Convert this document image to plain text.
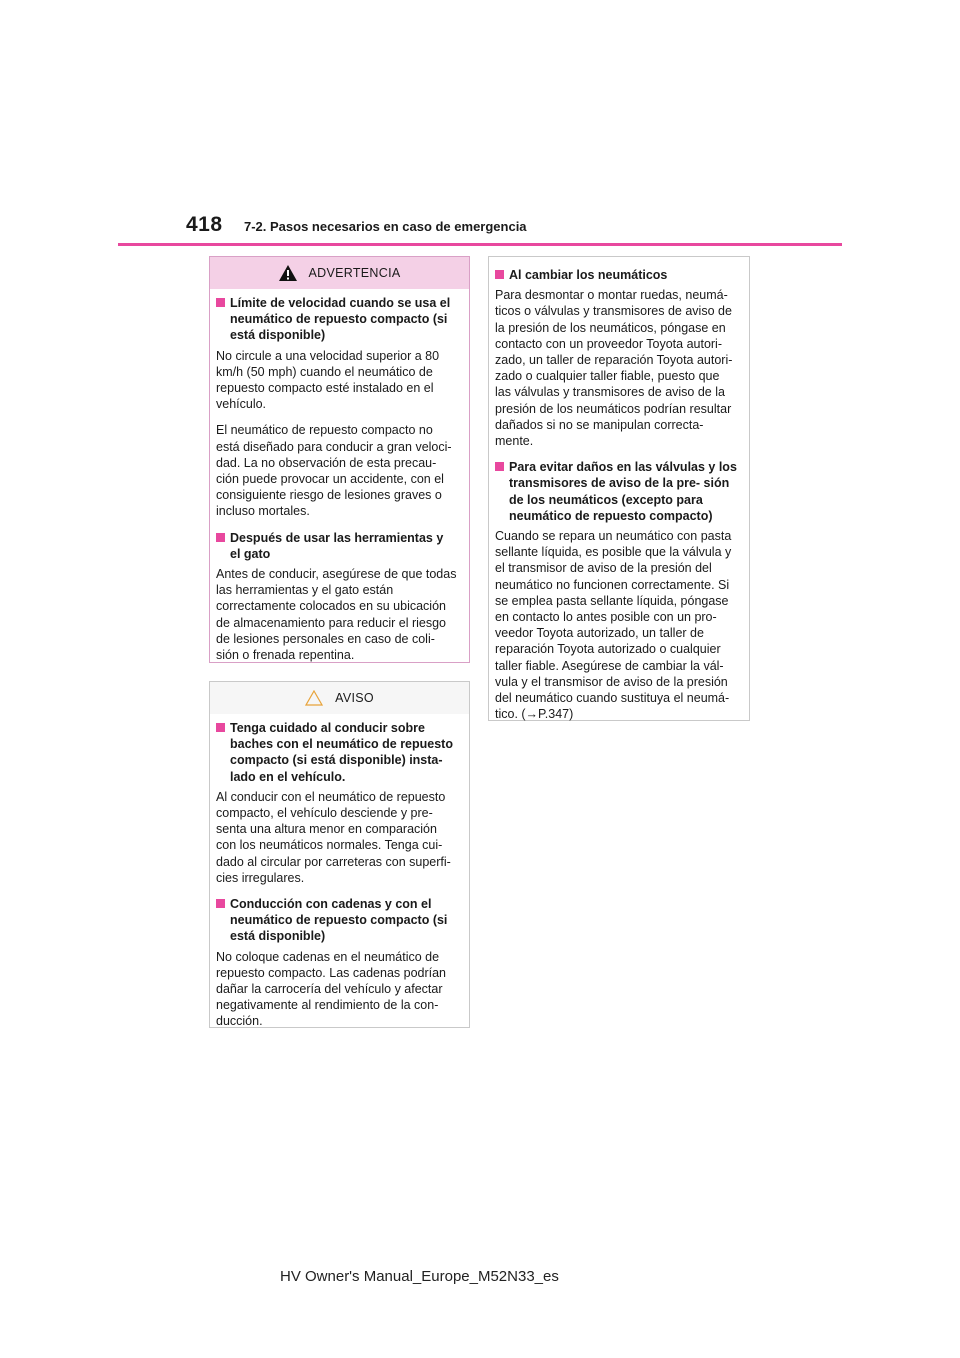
418 7-2. Pasos necesarios en caso de emergencia
ADVERTENCIA
Límite de velocidad cuando se usa el neumático de repuesto compacto (si está disponible)
No circule a una velocidad superior a 80 km/h (50 mph) cuando el neumático de repuesto compacto esté instalado en el vehículo.
El neumático de repuesto compacto no está diseñado para conducir a gran veloci- dad. La no observación de esta precau- ción puede provocar un accidente, con el consiguiente riesgo de lesiones graves o incluso mortales.
Después de usar las herramientas y el gato
Antes de conducir, asegúrese de que todas las herramientas y el gato están correctamente colocados en su ubicación de almacenamiento para reducir el riesgo de lesiones personales en caso de coli- sión o frenada repentina.
AVISO
Tenga cuidado al conducir sobre baches con el neumático de repuesto compacto (si está disponible) insta- lado en el vehículo.
Al conducir con el neumático de repuesto compacto, el vehículo desciende y pre- senta una altura menor en comparación con los neumáticos normales. Tenga cui- dado al circular por carreteras con superfi- cies irregulares.
Conducción con cadenas y con el neumático de repuesto compacto (si está disponible)
No coloque cadenas en el neumático de repuesto compacto. Las cadenas podrían dañar la carrocería del vehículo y afectar negativamente al rendimiento de la con- ducción.
Al cambiar los neumáticos
Para desmontar o montar ruedas, neumá- ticos o válvulas y transmisores de aviso de la presión de los neumáticos, póngase en contacto con un proveedor Toyota autori- zado, un taller de reparación Toyota autori- zado o cualquier taller fiable, puesto que las válvulas y transmisores de aviso de la presión de los neumáticos podrían resultar dañados si no se manipulan correcta- mente.
Para evitar daños en las válvulas y los transmisores de aviso de la pre- sión de los neumáticos (excepto para neumático de repuesto compacto)
Cuando se repara un neumático con pasta sellante líquida, es posible que la válvula y el transmisor de aviso de la presión del neumático no funcionen correctamente. Si se emplea pasta sellante líquida, póngase en contacto lo antes posible con un pro- veedor Toyota autorizado, un taller de reparación Toyota autorizado o cualquier taller fiable. Asegúrese de cambiar la vál- vula y el transmisor de aviso de la presión del neumático cuando sustituya el neumá- tico. (→P.347)
HV Owner's Manual_Europe_M52N33_es
